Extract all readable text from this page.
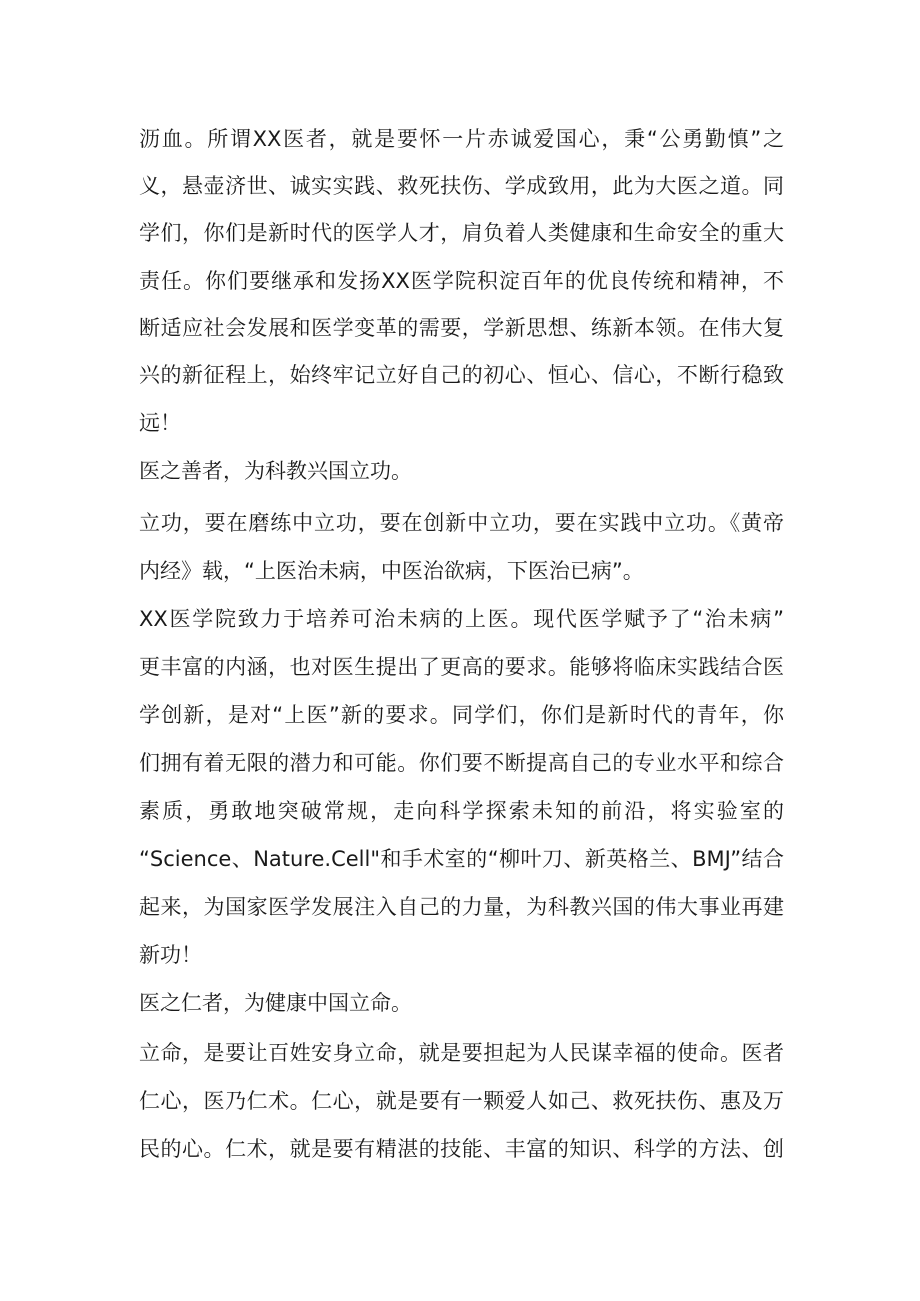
沥血。所谓XX医者，就是要怀一片赤诚爱国心，秉“公勇勤慎”之
义，悬壶济世、诚实实践、救死扶伤、学成致用，此为大医之道。同
学们，你们是新时代的医学人才，肩负着人类健康和生命安全的重大
责任。你们要继承和发扬XX医学院积淀百年的优良传统和精神，不
断适应社会发展和医学变革的需要，学新思想、练新本领。在伟大复
兴的新征程上，始终牢记立好自己的初心、恒心、信心，不断行稳致
远！
医之善者，为科教兴国立功。
立功，要在磨练中立功，要在创新中立功，要在实践中立功。《黄帝
内经》载，“上医治未病，中医治欲病，下医治已病”。
XX医学院致力于培养可治未病的上医。现代医学赋予了“治未病”
更丰富的内涵，也对医生提出了更高的要求。能够将临床实践结合医
学创新，是对“上医”新的要求。同学们，你们是新时代的青年，你
们拥有着无限的潜力和可能。你们要不断提高自己的专业水平和综合
素质，勇敢地突破常规，走向科学探索未知的前沿，将实验室的
“Science、Nature.Cell"和手术室的“柳叶刀、新英格兰、BMJ”结合
起来，为国家医学发展注入自己的力量，为科教兴国的伟大事业再建
新功！
医之仁者，为健康中国立命。
立命，是要让百姓安身立命，就是要担起为人民谋幸福的使命。医者
仁心，医乃仁术。仁心，就是要有一颗爱人如己、救死扶伤、惠及万
民的心。仁术，就是要有精湛的技能、丰富的知识、科学的方法、创
